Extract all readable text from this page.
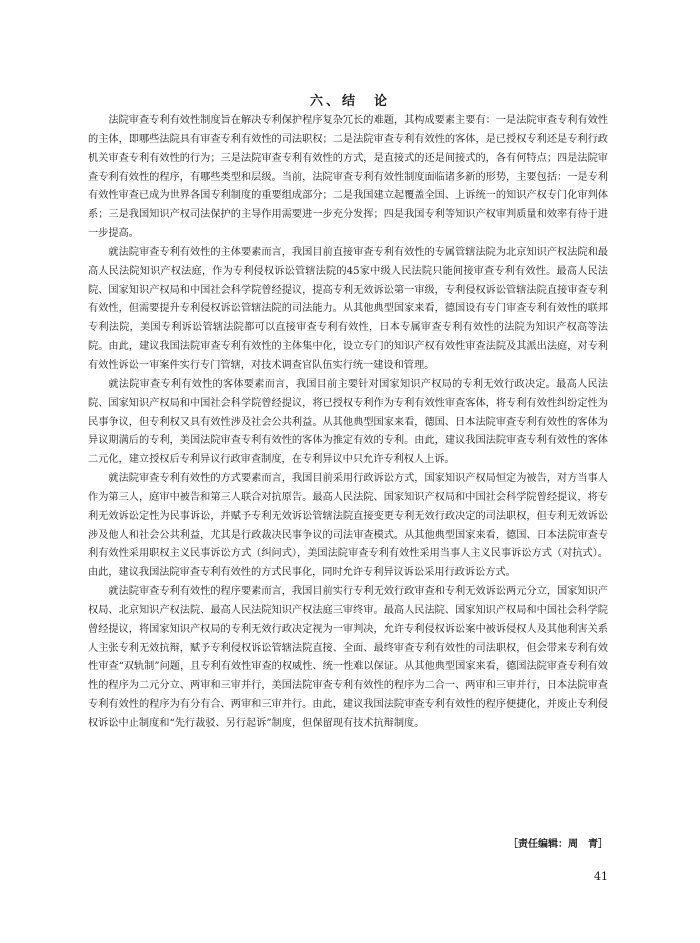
六、结　论

法院审查专利有效性制度旨在解决专利保护程序复杂冗长的难题，其构成要素主要有：一是法院审查专利有效性的主体，即哪些法院具有审查专利有效性的司法职权；二是法院审查专利有效性的客体，是已授权专利还是专利行政机关审查专利有效性的行为；三是法院审查专利有效性的方式，是直接式的还是间接式的，各有何特点；四是法院审查专利有效性的程序，有哪些类型和层级。当前，法院审查专利有效性制度面临诸多新的形势，主要包括：一是专利有效性审查已成为世界各国专利制度的重要组成部分；二是我国建立起覆盖全国、上诉统一的知识产权专门化审判体系；三是我国知识产权司法保护的主导作用需要进一步充分发挥；四是我国专利等知识产权审判质量和效率有待于进一步提高。

就法院审查专利有效性的主体要素而言，我国目前直接审查专利有效性的专属管辖法院为北京知识产权法院和最高人民法院知识产权法庭，作为专利侵权诉讼管辖法院的45家中级人民法院只能间接审查专利有效性。最高人民法院、国家知识产权局和中国社会科学院曾经提议，提高专利无效诉讼第一审级，专利侵权诉讼管辖法院直接审查专利有效性，但需要提升专利侵权诉讼管辖法院的司法能力。从其他典型国家来看，德国设有专门审查专利有效性的联邦专利法院，美国专利诉讼管辖法院都可以直接审查专利有效性，日本专属审查专利有效性的法院为知识产权高等法院。由此，建议我国法院审查专利有效性的主体集中化，设立专门的知识产权有效性审查法院及其派出法庭，对专利有效性诉讼一审案件实行专门管辖，对技术调查官队伍实行统一建设和管理。

就法院审查专利有效性的客体要素而言，我国目前主要针对国家知识产权局的专利无效行政决定。最高人民法院、国家知识产权局和中国社会科学院曾经提议，将已授权专利作为专利有效性审查客体，将专利有效性纠纷定性为民事争议，但专利权又具有效性涉及社会公共利益。从其他典型国家来看，德国、日本法院审查专利有效性的客体为异议期满后的专利，美国法院审查专利有效性的客体为推定有效的专利。由此，建议我国法院审查专利有效性的客体二元化，建立授权后专利异议行政审查制度，在专利异议中只允许专利权人上诉。

就法院审查专利有效性的方式要素而言，我国目前采用行政诉讼方式，国家知识产权局恒定为被告，对方当事人作为第三人，庭审中被告和第三人联合对抗原告。最高人民法院、国家知识产权局和中国社会科学院曾经提议，将专利无效诉讼定性为民事诉讼，并赋予专利无效诉讼管辖法院直接变更专利无效行政决定的司法职权，但专利无效诉讼涉及他人和社会公共利益，尤其是行政裁决民事争议的司法审查模式。从其他典型国家来看，德国、日本法院审查专利有效性采用职权主义民事诉讼方式（纠问式），美国法院审查专利有效性采用当事人主义民事诉讼方式（对抗式）。由此，建议我国法院审查专利有效性的方式民事化，同时允许专利异议诉讼采用行政诉讼方式。

就法院审查专利有效性的程序要素而言，我国目前实行专利无效行政审查和专利无效诉讼两元分立，国家知识产权局、北京知识产权法院、最高人民法院知识产权法庭三审终审。最高人民法院、国家知识产权局和中国社会科学院曾经提议，将国家知识产权局的专利无效行政决定视为一审判决，允许专利侵权诉讼案中被诉侵权人及其他利害关系人主张专利无效抗辩，赋予专利侵权诉讼管辖法院直接、全面、最终审查专利有效性的司法职权，但会带来专利有效性审查“双轨制”问题，且专利有效性审查的权威性、统一性难以保证。从其他典型国家来看，德国法院审查专利有效性的程序为二元分立、两审和三审并行，美国法院审查专利有效性的程序为二合一、两审和三审并行，日本法院审查专利有效性的程序为有分有合、两审和三审并行。由此，建议我国法院审查专利有效性的程序便捷化，并废止专利侵权诉讼中止制度和“先行裁驳、另行起诉”制度，但保留现有技术抗辩制度。

［责任编辑：周　青］
41
